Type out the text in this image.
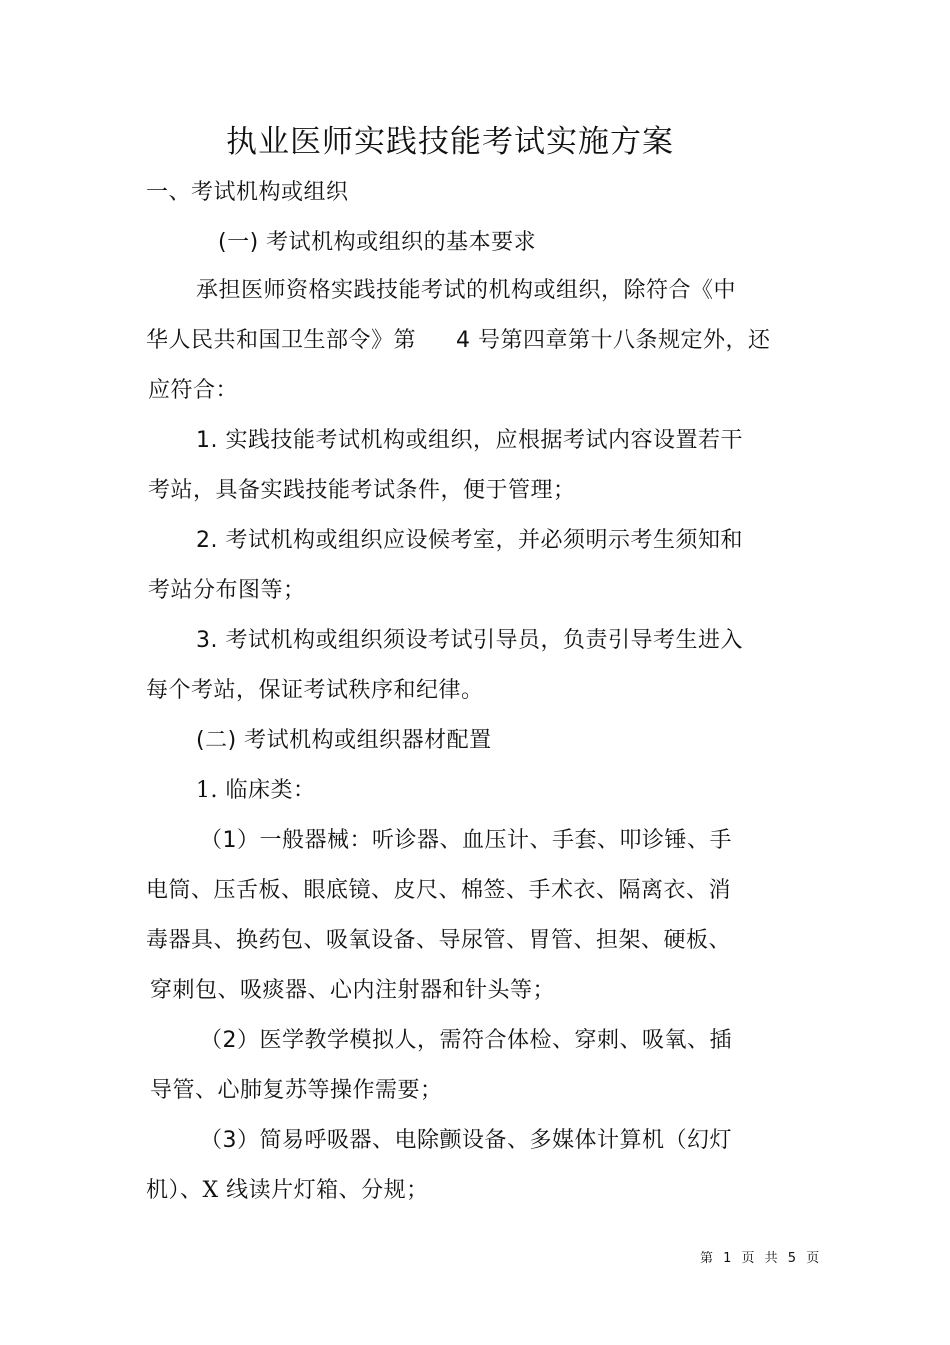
执业医师实践技能考试实施方案
一、考试机构或组织
(一) 考试机构或组织的基本要求
承担医师资格实践技能考试的机构或组织，除符合《中
华人民共和国卫生部令》第 4 号第四章第十八条规定外，还
应符合：
1. 实践技能考试机构或组织，应根据考试内容设置若干
考站，具备实践技能考试条件，便于管理；
2. 考试机构或组织应设候考室，并必须明示考生须知和
考站分布图等；
3. 考试机构或组织须设考试引导员，负责引导考生进入
每个考站，保证考试秩序和纪律。
(二) 考试机构或组织器材配置
1. 临床类：
（1）一般器械：听诊器、血压计、手套、叩诊锤、手
电筒、压舌板、眼底镜、皮尺、棉签、手术衣、隔离衣、消
毒器具、换药包、吸氧设备、导尿管、胃管、担架、硬板、
穿刺包、吸痰器、心内注射器和针头等；
（2）医学教学模拟人，需符合体检、穿刺、吸氧、插
导管、心肺复苏等操作需要；
（3）简易呼吸器、电除颤设备、多媒体计算机（幻灯
机）、X 线读片灯箱、分规；
第 1 页 共 5 页
